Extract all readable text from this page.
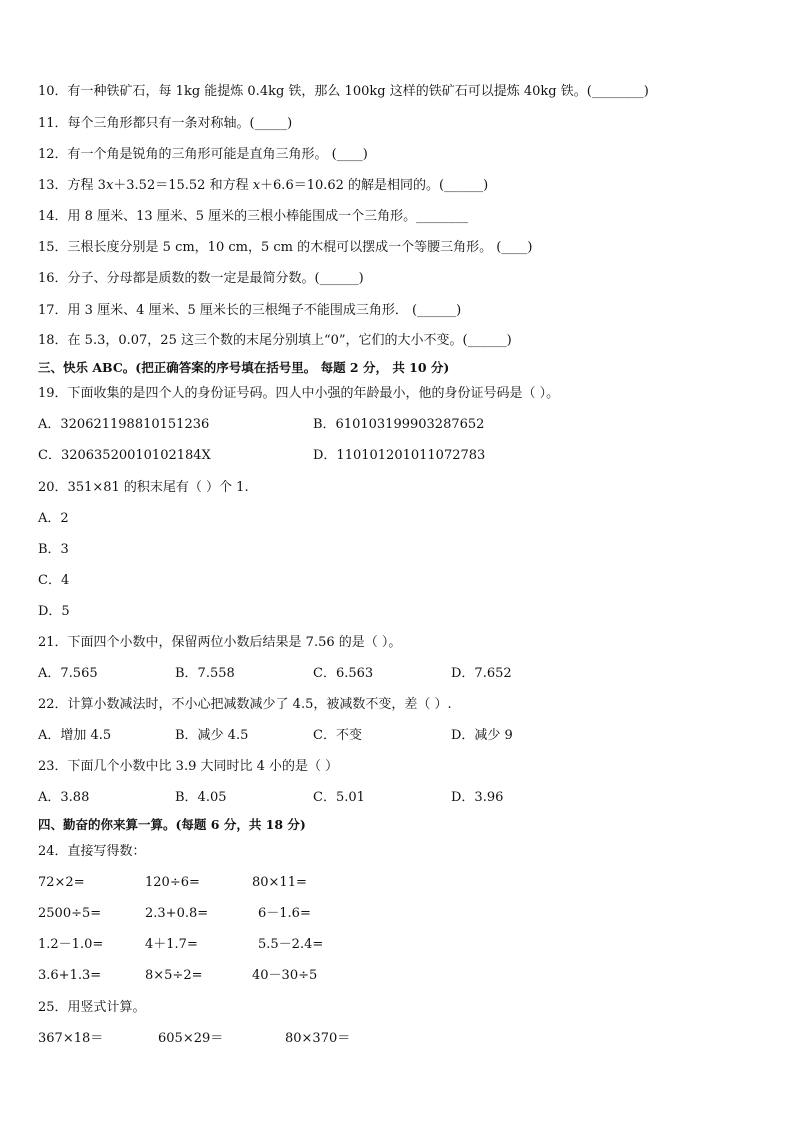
10．有一种铁矿石，每 1kg 能提炼 0.4kg 铁，那么 100kg 这样的铁矿石可以提炼 40kg 铁。(________)
11．每个三角形都只有一条对称轴。(_____)
12．有一个角是锐角的三角形可能是直角三角形。 (____)
13．方程 3𝑥＋3.52＝15.52 和方程 𝑥＋6.6＝10.62 的解是相同的。(______)
14．用 8 厘米、13 厘米、5 厘米的三根小棒能围成一个三角形。________
15．三根长度分别是 5 cm，10 cm，5 cm 的木棍可以摆成一个等腰三角形。 (____)
16．分子、分母都是质数的数一定是最简分数。(______)
17．用 3 厘米、4 厘米、5 厘米长的三根绳子不能围成三角形． (______)
18．在 5.3，0.07，25 这三个数的末尾分别填上“0”，它们的大小不变。(______)
三、快乐 ABC。(把正确答案的序号填在括号里。 每题 2 分， 共 10 分)
19．下面收集的是四个人的身份证号码。四人中小强的年龄最小，他的身份证号码是（ ）。
A．320621198810151236	B．610103199903287652
C．32063520010102184X	D．110101201011072783
20．351×81 的积末尾有（ ）个 1.
A．2
B．3
C．4
D．5
21．下面四个小数中，保留两位小数后结果是 7.56 的是（ ）。
A．7.565	B．7.558	C．6.563	D．7.652
22．计算小数减法时，不小心把减数减少了 4.5，被减数不变，差（ ）.
A．增加 4.5	B．减少 4.5	C．不变	D．减少 9
23．下面几个小数中比 3.9 大同时比 4 小的是（ ）
A．3.88	B．4.05	C．5.01	D．3.96
四、勤奋的你来算一算。(每题 6 分，共 18 分)
24．直接写得数：
72×2=	120÷6=	80×11=
2500÷5=	2.3+0.8=	6－1.6=
1.2－1.0=	4＋1.7=	5.5－2.4=
3.6+1.3=	8×5÷2=	40－30÷5
25．用竖式计算。
367×18＝	605×29＝	80×370＝
